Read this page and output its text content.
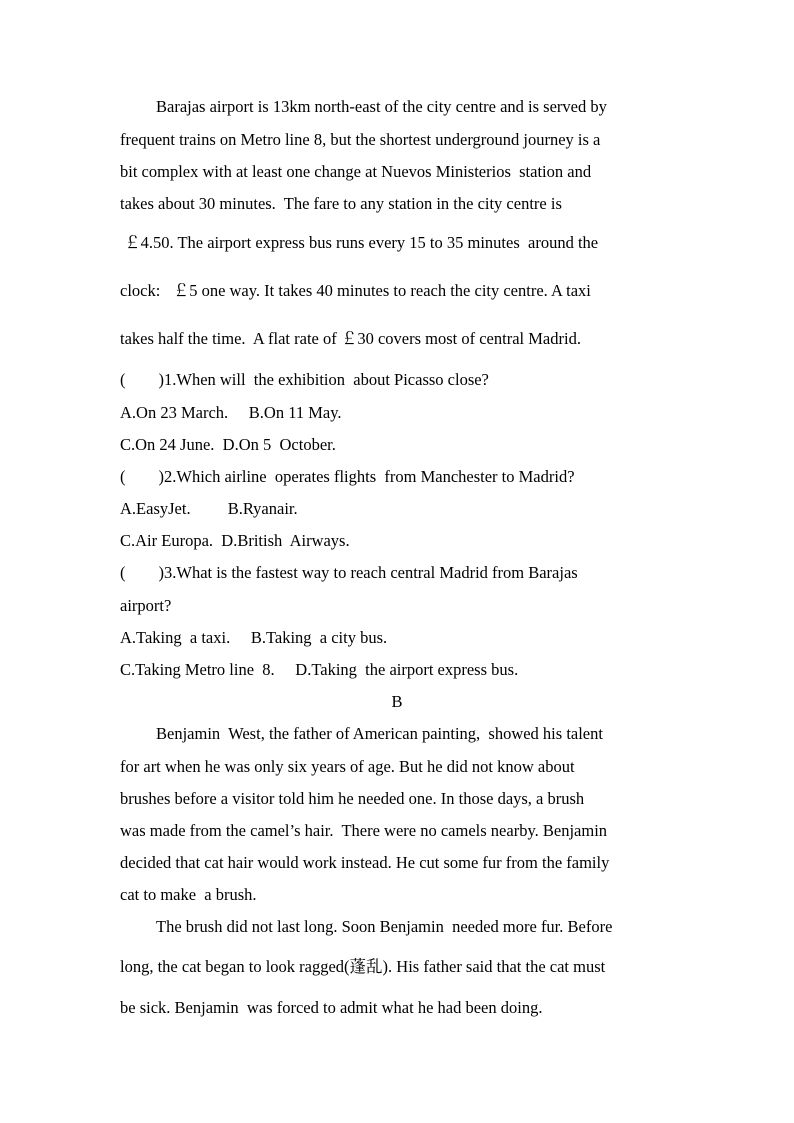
Barajas airport is 13km north-east of the city centre and is served by
frequent trains on Metro line 8, but the shortest underground journey is a
bit complex with at least one change at Nuevos Ministerios  station and
takes about 30 minutes.  The fare to any station in the city centre is
￡4.50. The airport express bus runs every 15 to 35 minutes  around the
clock:   ￡5 one way. It takes 40 minutes to reach the city centre. A taxi
takes half the time.  A flat rate of ￡30 covers most of central Madrid.
(        )1.When will  the exhibition  about Picasso close?
A.On 23 March.     B.On 11 May.
C.On 24 June.  D.On 5  October.
(        )2.Which airline  operates flights  from Manchester to Madrid?
A.EasyJet.         B.Ryanair.
C.Air Europa.  D.British  Airways.
(        )3.What is the fastest way to reach central Madrid from Barajas
airport?
A.Taking  a taxi.     B.Taking  a city bus.
C.Taking Metro line  8.     D.Taking  the airport express bus.
B
Benjamin  West, the father of American painting,  showed his talent
for art when he was only six years of age. But he did not know about
brushes before a visitor told him he needed one. In those days, a brush
was made from the camel’s hair.  There were no camels nearby. Benjamin
decided that cat hair would work instead. He cut some fur from the family
cat to make  a brush.
The brush did not last long. Soon Benjamin  needed more fur. Before
long, the cat began to look ragged(蓬乱). His father said that the cat must
be sick. Benjamin  was forced to admit what he had been doing.
